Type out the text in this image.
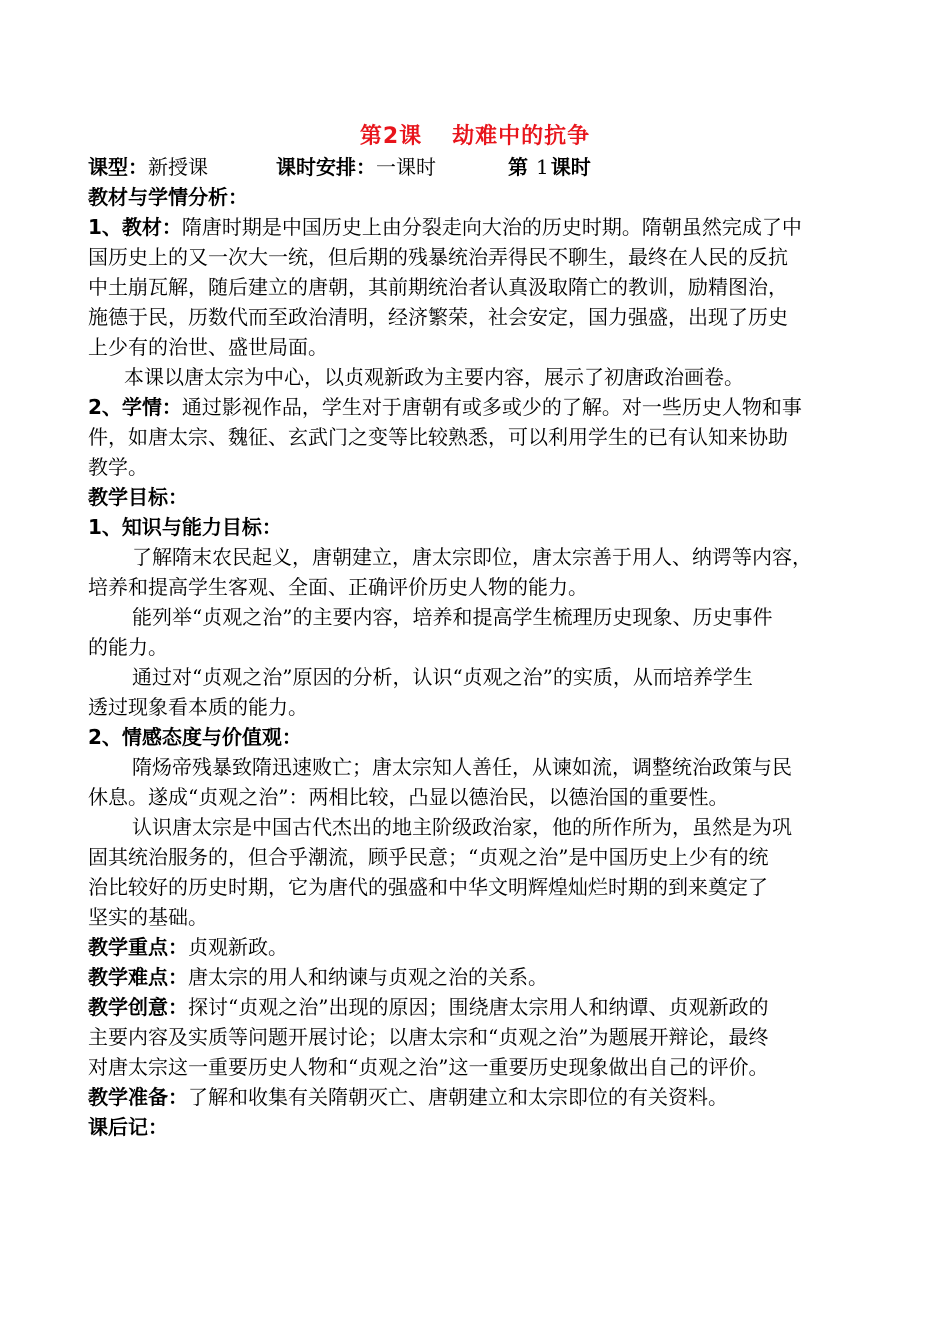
第2课 劫难中的抗争
课型：新授课	课时安排：一课时	第 1 课时
教材与学情分析：
1、教材：隋唐时期是中国历史上由分裂走向大治的历史时期。隋朝虽然完成了中
国历史上的又一次大一统，但后期的残暴统治弄得民不聊生，最终在人民的反抗
中土崩瓦解，随后建立的唐朝，其前期统治者认真汲取隋亡的教训，励精图治，
施德于民，历数代而至政治清明，经济繁荣，社会安定，国力强盛，出现了历史
上少有的治世、盛世局面。
本课以唐太宗为中心，以贞观新政为主要内容，展示了初唐政治画卷。
2、学情：通过影视作品，学生对于唐朝有或多或少的了解。对一些历史人物和事
件，如唐太宗、魏征、玄武门之变等比较熟悉，可以利用学生的已有认知来协助
教学。
教学目标：
1、知识与能力目标：
了解隋末农民起义，唐朝建立，唐太宗即位，唐太宗善于用人、纳谔等内容，
培养和提高学生客观、全面、正确评价历史人物的能力。
能列举“贞观之治”的主要内容，培养和提高学生梳理历史现象、历史事件
的能力。
通过对“贞观之治”原因的分析，认识“贞观之治”的实质，从而培养学生
透过现象看本质的能力。
2、情感态度与价值观：
隋炀帝残暴致隋迅速败亡；唐太宗知人善任，从谏如流，调整统治政策与民
休息。遂成“贞观之治”：两相比较，凸显以德治民，以德治国的重要性。
认识唐太宗是中国古代杰出的地主阶级政治家，他的所作所为，虽然是为巩
固其统治服务的，但合乎潮流，顾乎民意；“贞观之治”是中国历史上少有的统
治比较好的历史时期，它为唐代的强盛和中华文明辉煌灿烂时期的到来奠定了
坚实的基础。
教学重点：贞观新政。
教学难点：唐太宗的用人和纳谏与贞观之治的关系。
教学创意：探讨“贞观之治”出现的原因；围绕唐太宗用人和纳谭、贞观新政的
主要内容及实质等问题开展讨论；以唐太宗和“贞观之治”为题展开辩论，最终
对唐太宗这一重要历史人物和“贞观之治”这一重要历史现象做出自己的评价。
教学准备：了解和收集有关隋朝灭亡、唐朝建立和太宗即位的有关资料。
课后记：
